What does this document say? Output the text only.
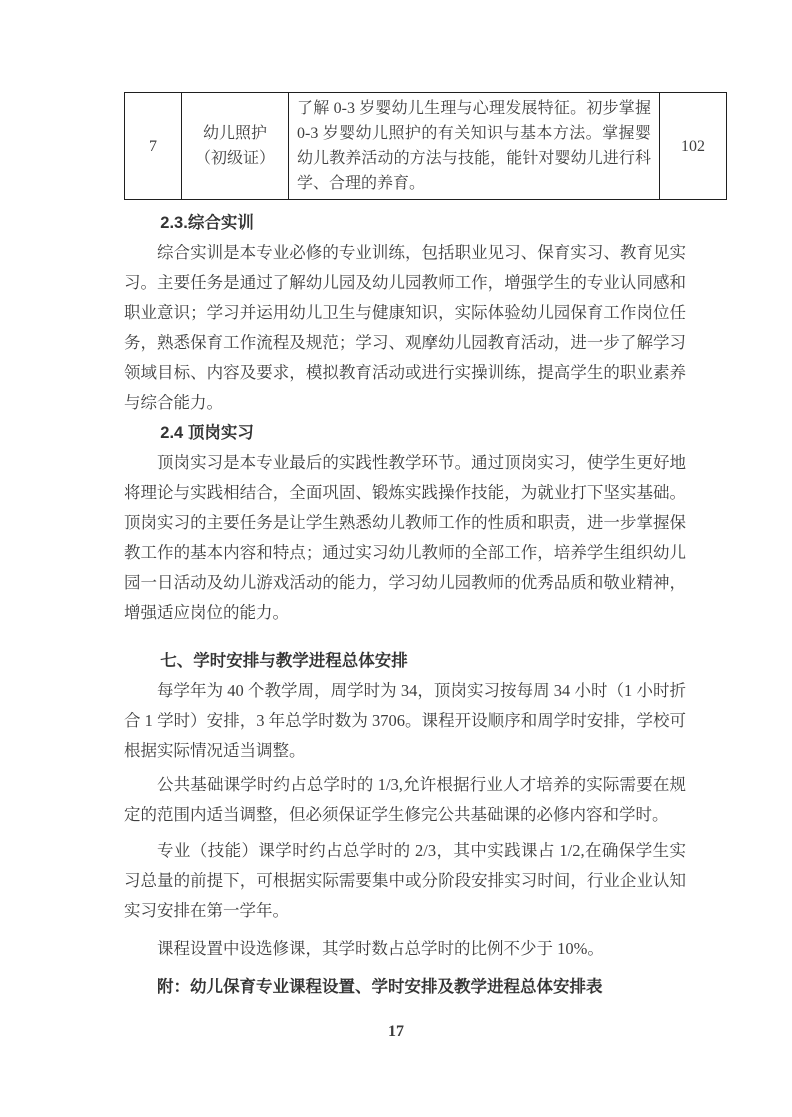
7	幼儿照护（初级证）	了解 0-3 岁婴幼儿生理与心理发展特征。初步掌握 0-3 岁婴幼儿照护的有关知识与基本方法。掌握婴幼儿教养活动的方法与技能，能针对婴幼儿进行科学、合理的养育。	102

2.3.综合实训

综合实训是本专业必修的专业训练，包括职业见习、保育实习、教育见实习。主要任务是通过了解幼儿园及幼儿园教师工作，增强学生的专业认同感和职业意识；学习并运用幼儿卫生与健康知识，实际体验幼儿园保育工作岗位任务，熟悉保育工作流程及规范；学习、观摩幼儿园教育活动，进一步了解学习领域目标、内容及要求，模拟教育活动或进行实操训练，提高学生的职业素养与综合能力。

2.4 顶岗实习

顶岗实习是本专业最后的实践性教学环节。通过顶岗实习，使学生更好地将理论与实践相结合，全面巩固、锻炼实践操作技能，为就业打下坚实基础。顶岗实习的主要任务是让学生熟悉幼儿教师工作的性质和职责，进一步掌握保教工作的基本内容和特点；通过实习幼儿教师的全部工作，培养学生组织幼儿园一日活动及幼儿游戏活动的能力，学习幼儿园教师的优秀品质和敬业精神，增强适应岗位的能力。

七、学时安排与教学进程总体安排

每学年为 40 个教学周，周学时为 34，顶岗实习按每周 34 小时（1 小时折合 1 学时）安排，3 年总学时数为 3706。课程开设顺序和周学时安排，学校可根据实际情况适当调整。

公共基础课学时约占总学时的 1/3,允许根据行业人才培养的实际需要在规定的范围内适当调整，但必须保证学生修完公共基础课的必修内容和学时。

专业（技能）课学时约占总学时的 2/3，其中实践课占 1/2,在确保学生实习总量的前提下，可根据实际需要集中或分阶段安排实习时间，行业企业认知实习安排在第一学年。

课程设置中设选修课，其学时数占总学时的比例不少于 10%。

附：幼儿保育专业课程设置、学时安排及教学进程总体安排表

17
